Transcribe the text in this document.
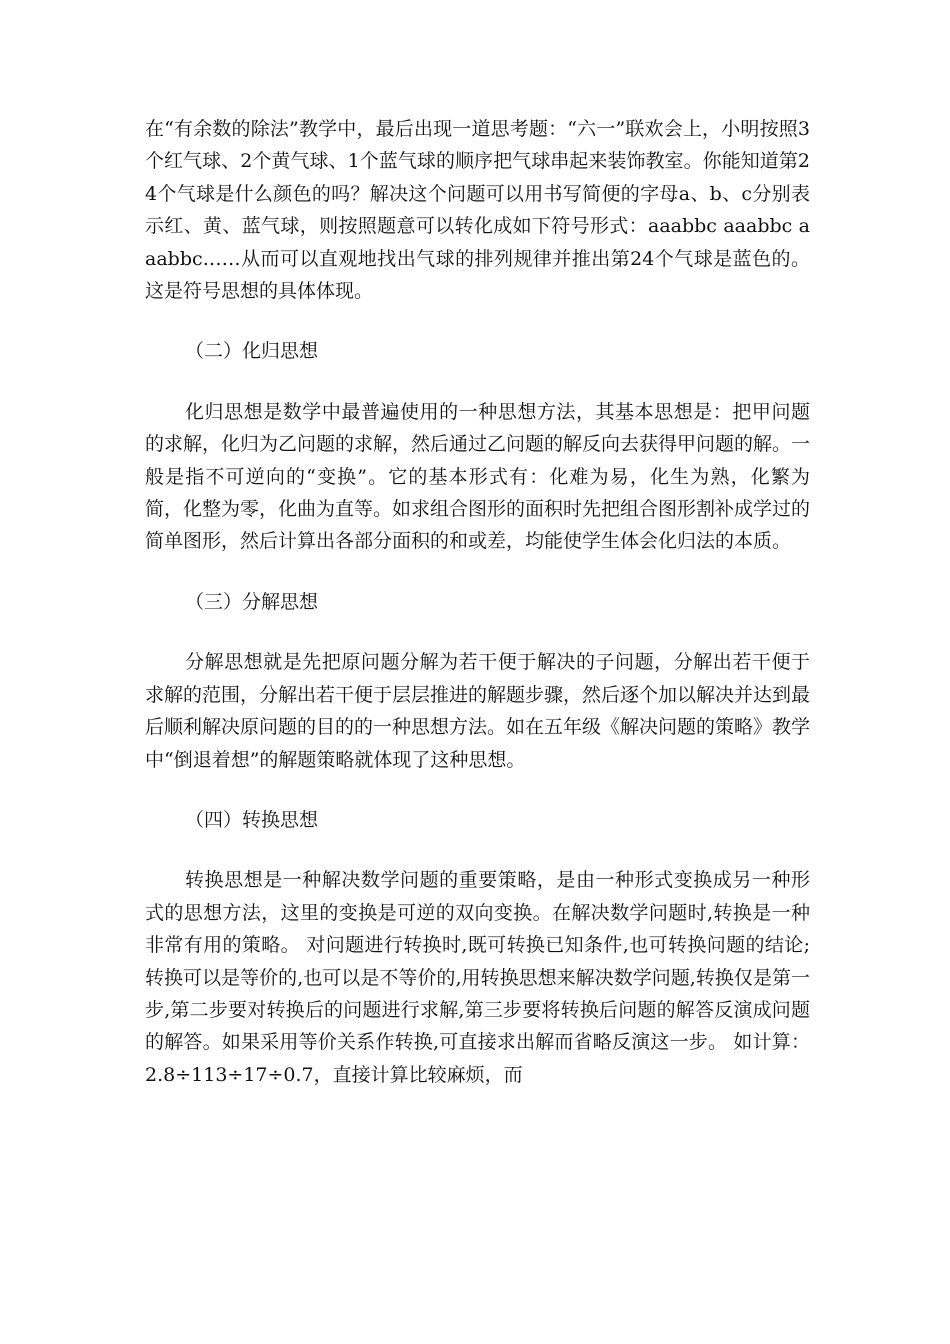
在“有余数的除法”教学中，最后出现一道思考题：“六一”联欢会上，小明按照3个红气球、2个黄气球、1个蓝气球的顺序把气球串起来装饰教室。你能知道第24个气球是什么颜色的吗？解决这个问题可以用书写简便的字母a、b、c分别表示红、黄、蓝气球，则按照题意可以转化成如下符号形式：aaabbc aaabbc aaabbc……从而可以直观地找出气球的排列规律并推出第24个气球是蓝色的。这是符号思想的具体体现。

（二）化归思想

化归思想是数学中最普遍使用的一种思想方法，其基本思想是：把甲问题的求解，化归为乙问题的求解，然后通过乙问题的解反向去获得甲问题的解。一般是指不可逆向的“变换”。它的基本形式有：化难为易，化生为熟，化繁为简，化整为零，化曲为直等。如求组合图形的面积时先把组合图形割补成学过的简单图形，然后计算出各部分面积的和或差，均能使学生体会化归法的本质。

（三）分解思想

分解思想就是先把原问题分解为若干便于解决的子问题，分解出若干便于求解的范围，分解出若干便于层层推进的解题步骤，然后逐个加以解决并达到最后顺利解决原问题的目的的一种思想方法。如在五年级《解决问题的策略》教学中“倒退着想”的解题策略就体现了这种思想。

（四）转换思想

转换思想是一种解决数学问题的重要策略，是由一种形式变换成另一种形式的思想方法，这里的变换是可逆的双向变换。在解决数学问题时,转换是一种非常有用的策略。 对问题进行转换时,既可转换已知条件,也可转换问题的结论;转换可以是等价的,也可以是不等价的,用转换思想来解决数学问题,转换仅是第一步,第二步要对转换后的问题进行求解,第三步要将转换后问题的解答反演成问题的解答。如果采用等价关系作转换,可直接求出解而省略反演这一步。 如计算：2.8÷113÷17÷0.7，直接计算比较麻烦，而
